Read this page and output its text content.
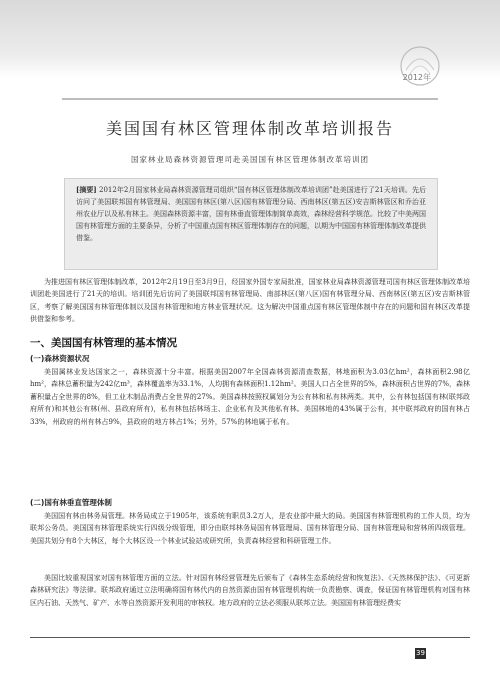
2012年
美国国有林区管理体制改革培训报告
国家林业局森林资源管理司赴美国国有林区管理体制改革培训团
[摘要] 2012年2月国家林业局森林资源管理司组织“国有林区管理体制改革培训团”赴美国进行了21天培训。先后访问了美国联邦国有林管理局、美国国有林区(第八区)国有林管理分局、西南林区(第五区)安吉斯林管区和乔治亚州农业厅以及私有林主。美国森林资源丰富，国有林垂直管理体制简单高效，森林经营科学规范。比较了中美两国国有林管理方面的主要条异，分析了中国重点国有林区管理体制存在的问题，以期为中国国有林管理体制改革提供借鉴。
为推进国有林区管理体制改革，2012年2月19日至3月9日，经国家外国专家局批准，国家林业局森林资源管理司国有林区管理体制改革培训团赴美国进行了21天的培训。培训团先后访问了美国联邦国有林管理局、南部林区(第八区)国有林管理分局、西南林区(第五区)安吉斯林管区，考察了解美国国有林管理体制以及国有林管理和地方林业管理状况。这为解决中国重点国有林区管理体制中存在的问题和国有林区改革提供借鉴和参考。
一、美国国有林管理的基本情况
(一)森林资源状况
美国属林业发达国家之一，森林资源十分丰富。根据美国2007年全国森林资源清查数据，林地面积为3.03亿hm²，森林面积2.98亿hm²，森林总蓄积量为242亿m³，森林覆盖率为33.1%，人均拥有森林面积1.12hm²。美国人口占全世界的5%，森林面积占世界的7%，森林蓄积量占全世界的8%，但工业木制品消费占全世界的27%。美国森林按照权属划分为公有林和私有林两类。其中，公有林包括国有林(联邦政府所有)和其他公有林(州、县政府所有)，私有林包括林场主、企业私有及其他私有林。美国林地的43%属于公有，其中联邦政府的国有林占33%，州政府的州有林占9%，县政府的地方林占1%；另外，57%的林地属于私有。
(二)国有林垂直管理体制
美国国有林由林务局管理。林务局成立于1905年，该系统有职员3.2万人，是农业部中最大的局。美国国有林管理机构的工作人员，均为联邦公务员。美国国有林管理系统实行四级分级管理，即分由联邦林务局国有林管理局、国有林管理分局、国有林管理局和营林所四级管理。美国共划分有8个大林区，每个大林区设一个林业试验站或研究所，负责森林经营和科研管理工作。
美国比较重视国家对国有林管理方面的立法。针对国有林经营管理先后颁布了《森林生态系统经营和恢复法》、《天然林保护法》、《可更新森林研究法》等法律。联邦政府通过立法明确将国有林代内的自然资源由国有林管理机构统一负责勘察、调查，保证国有林管理机构对国有林区内石油、天然气、矿产、水等自然资源开发利用的审核权。地方政府的立法必须服从联邦立法。美国国有林管理经费实
39
